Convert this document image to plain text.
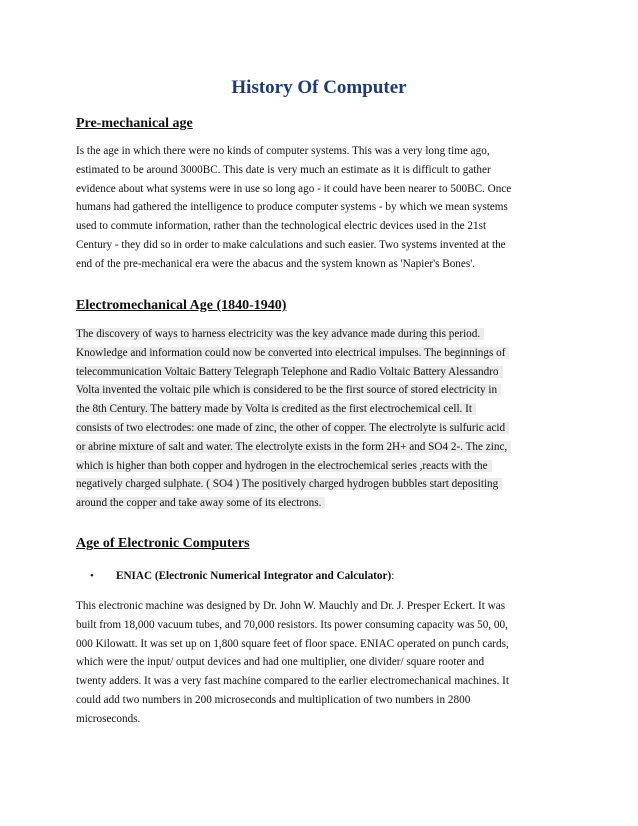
History Of Computer
Pre-mechanical age
Is the age in which there were no kinds of computer systems. This was a very long time ago,
estimated to be around 3000BC. This date is very much an estimate as it is difficult to gather
evidence about what systems were in use so long ago - it could have been nearer to 500BC. Once
humans had gathered the intelligence to produce computer systems - by which we mean systems
used to commute information, rather than the technological electric devices used in the 21st
Century - they did so in order to make calculations and such easier. Two systems invented at the
end of the pre-mechanical era were the abacus and the system known as 'Napier's Bones'.
Electromechanical Age (1840-1940)
The discovery of ways to harness electricity was the key advance made during this period.
Knowledge and information could now be converted into electrical impulses. The beginnings of
telecommunication Voltaic Battery Telegraph Telephone and Radio Voltaic Battery Alessandro
Volta invented the voltaic pile which is considered to be the first source of stored electricity in
the 8th Century. The battery made by Volta is credited as the first electrochemical cell. It
consists of two electrodes: one made of zinc, the other of copper. The electrolyte is sulfuric acid
or abrine mixture of salt and water. The electrolyte exists in the form 2H+ and SO4 2-. The zinc,
which is higher than both copper and hydrogen in the electrochemical series ,reacts with the
negatively charged sulphate. ( SO4 ) The positively charged hydrogen bubbles start depositing
around the copper and take away some of its electrons.
Age of Electronic Computers
• ENIAC (Electronic Numerical Integrator and Calculator):
This electronic machine was designed by Dr. John W. Mauchly and Dr. J. Presper Eckert. It was
built from 18,000 vacuum tubes, and 70,000 resistors. Its power consuming capacity was 50, 00,
000 Kilowatt. It was set up on 1,800 square feet of floor space. ENIAC operated on punch cards,
which were the input/ output devices and had one multiplier, one divider/ square rooter and
twenty adders. It was a very fast machine compared to the earlier electromechanical machines. It
could add two numbers in 200 microseconds and multiplication of two numbers in 2800
microseconds.
